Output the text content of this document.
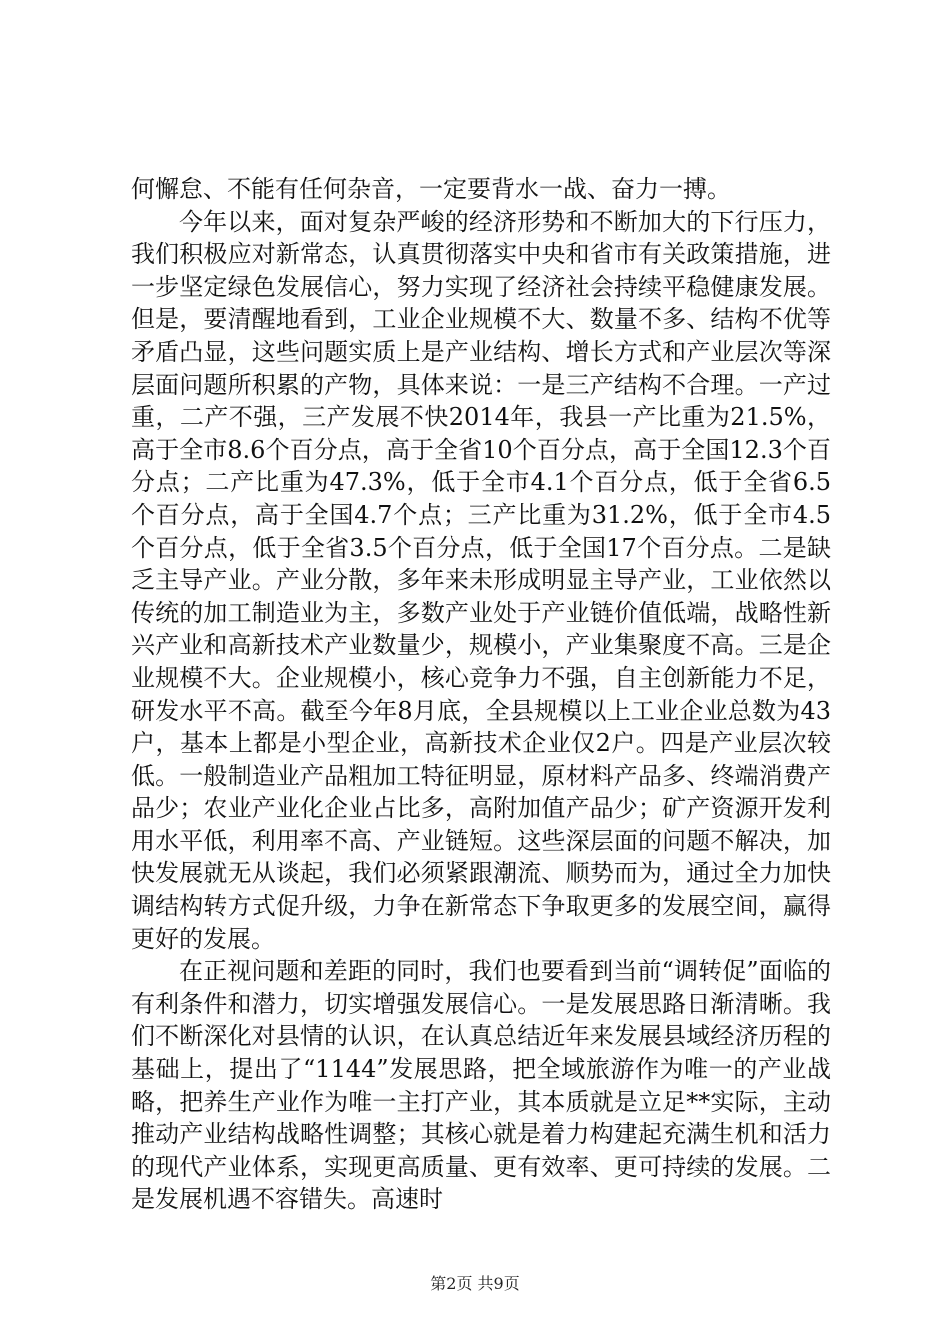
何懈怠、不能有任何杂音，一定要背水一战、奋力一搏。

今年以来，面对复杂严峻的经济形势和不断加大的下行压力，我们积极应对新常态，认真贯彻落实中央和省市有关政策措施，进一步坚定绿色发展信心，努力实现了经济社会持续平稳健康发展。但是，要清醒地看到，工业企业规模不大、数量不多、结构不优等矛盾凸显，这些问题实质上是产业结构、增长方式和产业层次等深层面问题所积累的产物，具体来说：一是三产结构不合理。一产过重，二产不强，三产发展不快2014年，我县一产比重为21.5%，高于全市8.6个百分点，高于全省10个百分点，高于全国12.3个百分点；二产比重为47.3%，低于全市4.1个百分点，低于全省6.5个百分点，高于全国4.7个点；三产比重为31.2%，低于全市4.5个百分点，低于全省3.5个百分点，低于全国17个百分点。二是缺乏主导产业。产业分散，多年来未形成明显主导产业，工业依然以传统的加工制造业为主，多数产业处于产业链价值低端，战略性新兴产业和高新技术产业数量少，规模小，产业集聚度不高。三是企业规模不大。企业规模小，核心竞争力不强，自主创新能力不足，研发水平不高。截至今年8月底，全县规模以上工业企业总数为43户，基本上都是小型企业，高新技术企业仅2户。四是产业层次较低。一般制造业产品粗加工特征明显，原材料产品多、终端消费产品少；农业产业化企业占比多，高附加值产品少；矿产资源开发利用水平低，利用率不高、产业链短。这些深层面的问题不解决，加快发展就无从谈起，我们必须紧跟潮流、顺势而为，通过全力加快调结构转方式促升级，力争在新常态下争取更多的发展空间，赢得更好的发展。

在正视问题和差距的同时，我们也要看到当前“调转促”面临的有利条件和潜力，切实增强发展信心。一是发展思路日渐清晰。我们不断深化对县情的认识，在认真总结近年来发展县域经济历程的基础上，提出了“1144”发展思路，把全域旅游作为唯一的产业战略，把养生产业作为唯一主打产业，其本质就是立足**实际，主动推动产业结构战略性调整；其核心就是着力构建起充满生机和活力的现代产业体系，实现更高质量、更有效率、更可持续的发展。二是发展机遇不容错失。高速时

第2页 共9页
